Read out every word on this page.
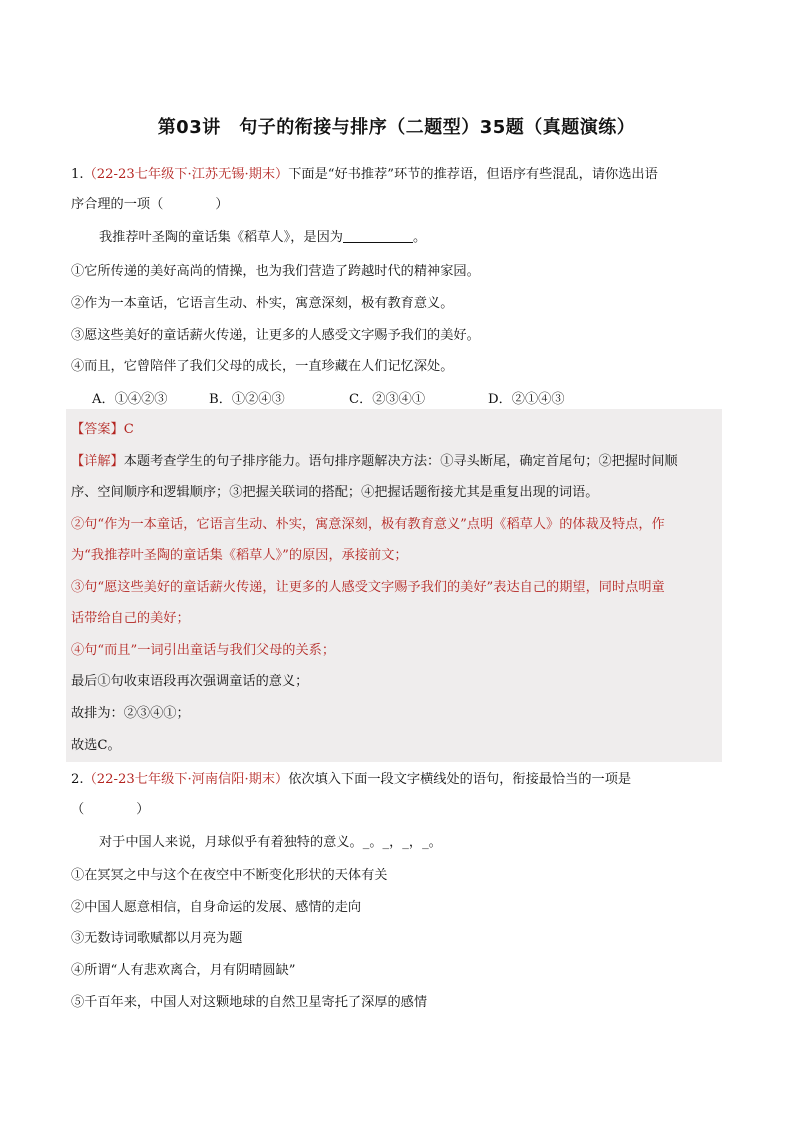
第03讲　句子的衔接与排序（二题型）35题（真题演练）
1.（22-23七年级下·江苏无锡·期末）下面是“好书推荐”环节的推荐语，但语序有些混乱，请你选出语
序合理的一项（	）
我推荐叶圣陶的童话集《稻草人》，是因为	。
①它所传递的美好高尚的情操，也为我们营造了跨越时代的精神家园。
②作为一本童话，它语言生动、朴实，寓意深刻，极有教育意义。
③愿这些美好的童话薪火传递，让更多的人感受文字赐予我们的美好。
④而且，它曾陪伴了我们父母的成长，一直珍藏在人们记忆深处。
A．①④②③	B．①②④③	C．②③④①	D．②①④③
【答案】C
【详解】本题考查学生的句子排序能力。语句排序题解决方法：①寻头断尾，确定首尾句；②把握时间顺
序、空间顺序和逻辑顺序；③把握关联词的搭配；④把握话题衔接尤其是重复出现的词语。
②句“作为一本童话，它语言生动、朴实，寓意深刻，极有教育意义”点明《稻草人》的体裁及特点，作
为“我推荐叶圣陶的童话集《稻草人》”的原因，承接前文；
③句“愿这些美好的童话薪火传递，让更多的人感受文字赐予我们的美好”表达自己的期望，同时点明童
话带给自己的美好；
④句“而且”一词引出童话与我们父母的关系；
最后①句收束语段再次强调童话的意义；
故排为：②③④①；
故选C。
2.（22-23七年级下·河南信阳·期末）依次填入下面一段文字横线处的语句，衔接最恰当的一项是
（	）
对于中国人来说，月球似乎有着独特的意义。_。_，_，_。
①在冥冥之中与这个在夜空中不断变化形状的天体有关
②中国人愿意相信，自身命运的发展、感情的走向
③无数诗词歌赋都以月亮为题
④所谓“人有悲欢离合，月有阴晴圆缺”
⑤千百年来，中国人对这颗地球的自然卫星寄托了深厚的感情
